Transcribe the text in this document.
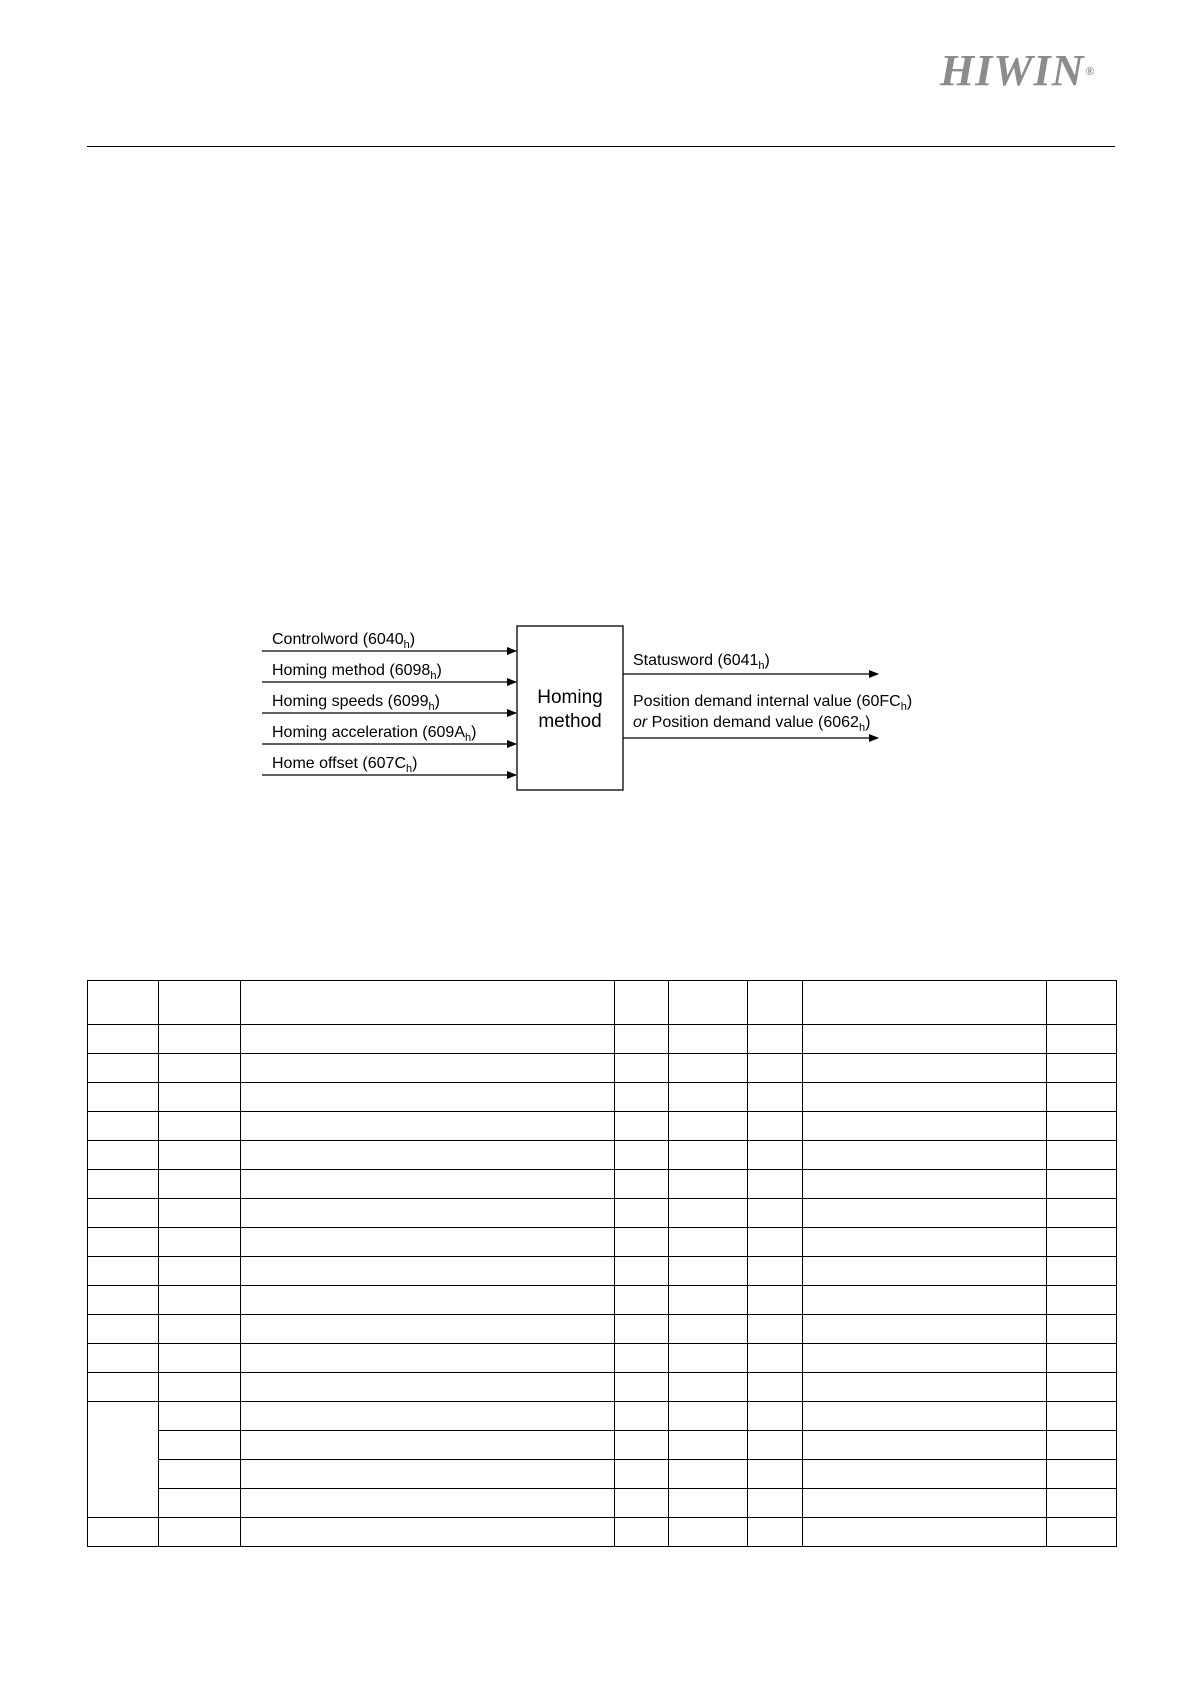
HIWIN®
Homing
method
Controlword $(6040_h)$
Homing method $(6098_h)$
Homing speeds $(6099_h)$
Homing acceleration $(609A_h)$
Home offset $(607C_h)$
Statusword $(6041_h)$
Position demand internal value $(60FC_h)$
or Position demand value $(6062_h)$
